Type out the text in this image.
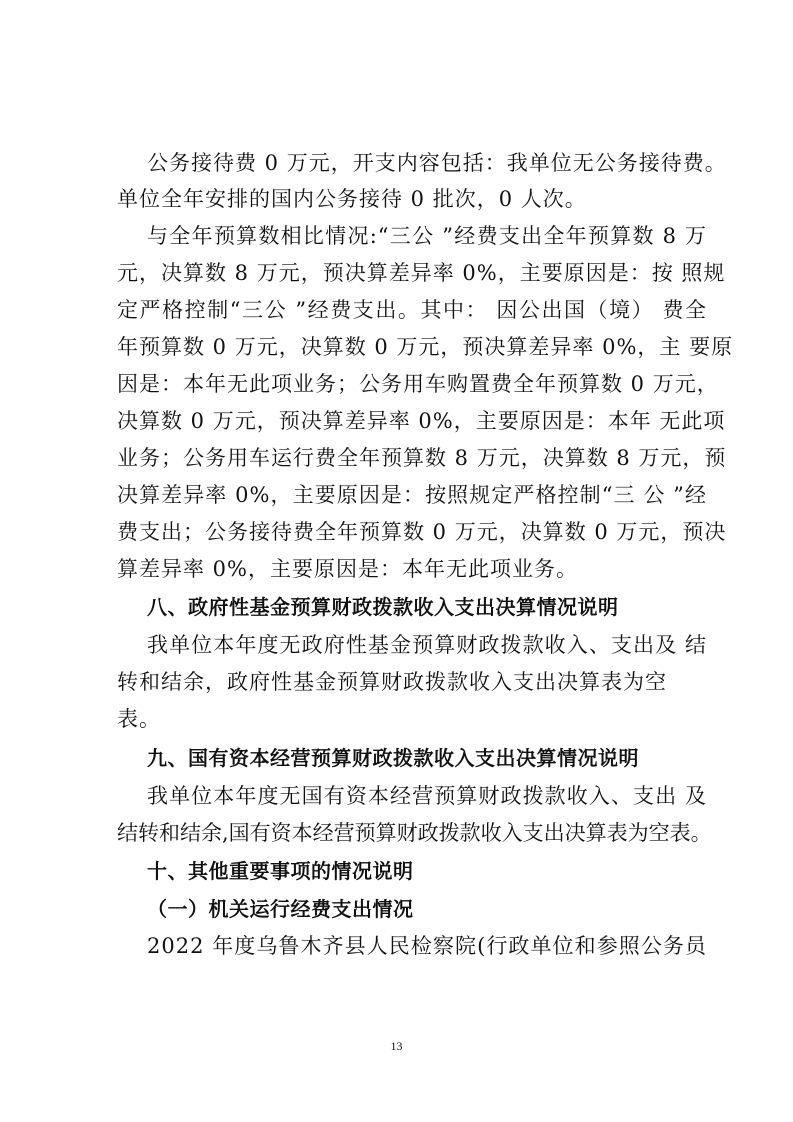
公务接待费 0 万元，开支内容包括：我单位无公务接待费。
单位全年安排的国内公务接待 0 批次，0 人次。
与全年预算数相比情况:“三公 ”经费支出全年预算数 8 万
元，决算数 8 万元，预决算差异率 0%，主要原因是：按 照规
定严格控制“三公 ”经费支出。其中： 因公出国（境） 费全
年预算数 0 万元，决算数 0 万元，预决算差异率 0%，主 要原
因是：本年无此项业务；公务用车购置费全年预算数 0 万元，
决算数 0 万元，预决算差异率 0%，主要原因是：本年 无此项
业务；公务用车运行费全年预算数 8 万元，决算数 8 万元，预
决算差异率 0%，主要原因是：按照规定严格控制“三 公 ”经
费支出；公务接待费全年预算数 0 万元，决算数 0 万元，预决
算差异率 0%，主要原因是：本年无此项业务。
八、政府性基金预算财政拨款收入支出决算情况说明
我单位本年度无政府性基金预算财政拨款收入、支出及 结
转和结余，政府性基金预算财政拨款收入支出决算表为空
表。
九、国有资本经营预算财政拨款收入支出决算情况说明
我单位本年度无国有资本经营预算财政拨款收入、支出 及
结转和结余,国有资本经营预算财政拨款收入支出决算表为空表。
十、其他重要事项的情况说明
（一）机关运行经费支出情况
2022 年度乌鲁木齐县人民检察院(行政单位和参照公务员
13
